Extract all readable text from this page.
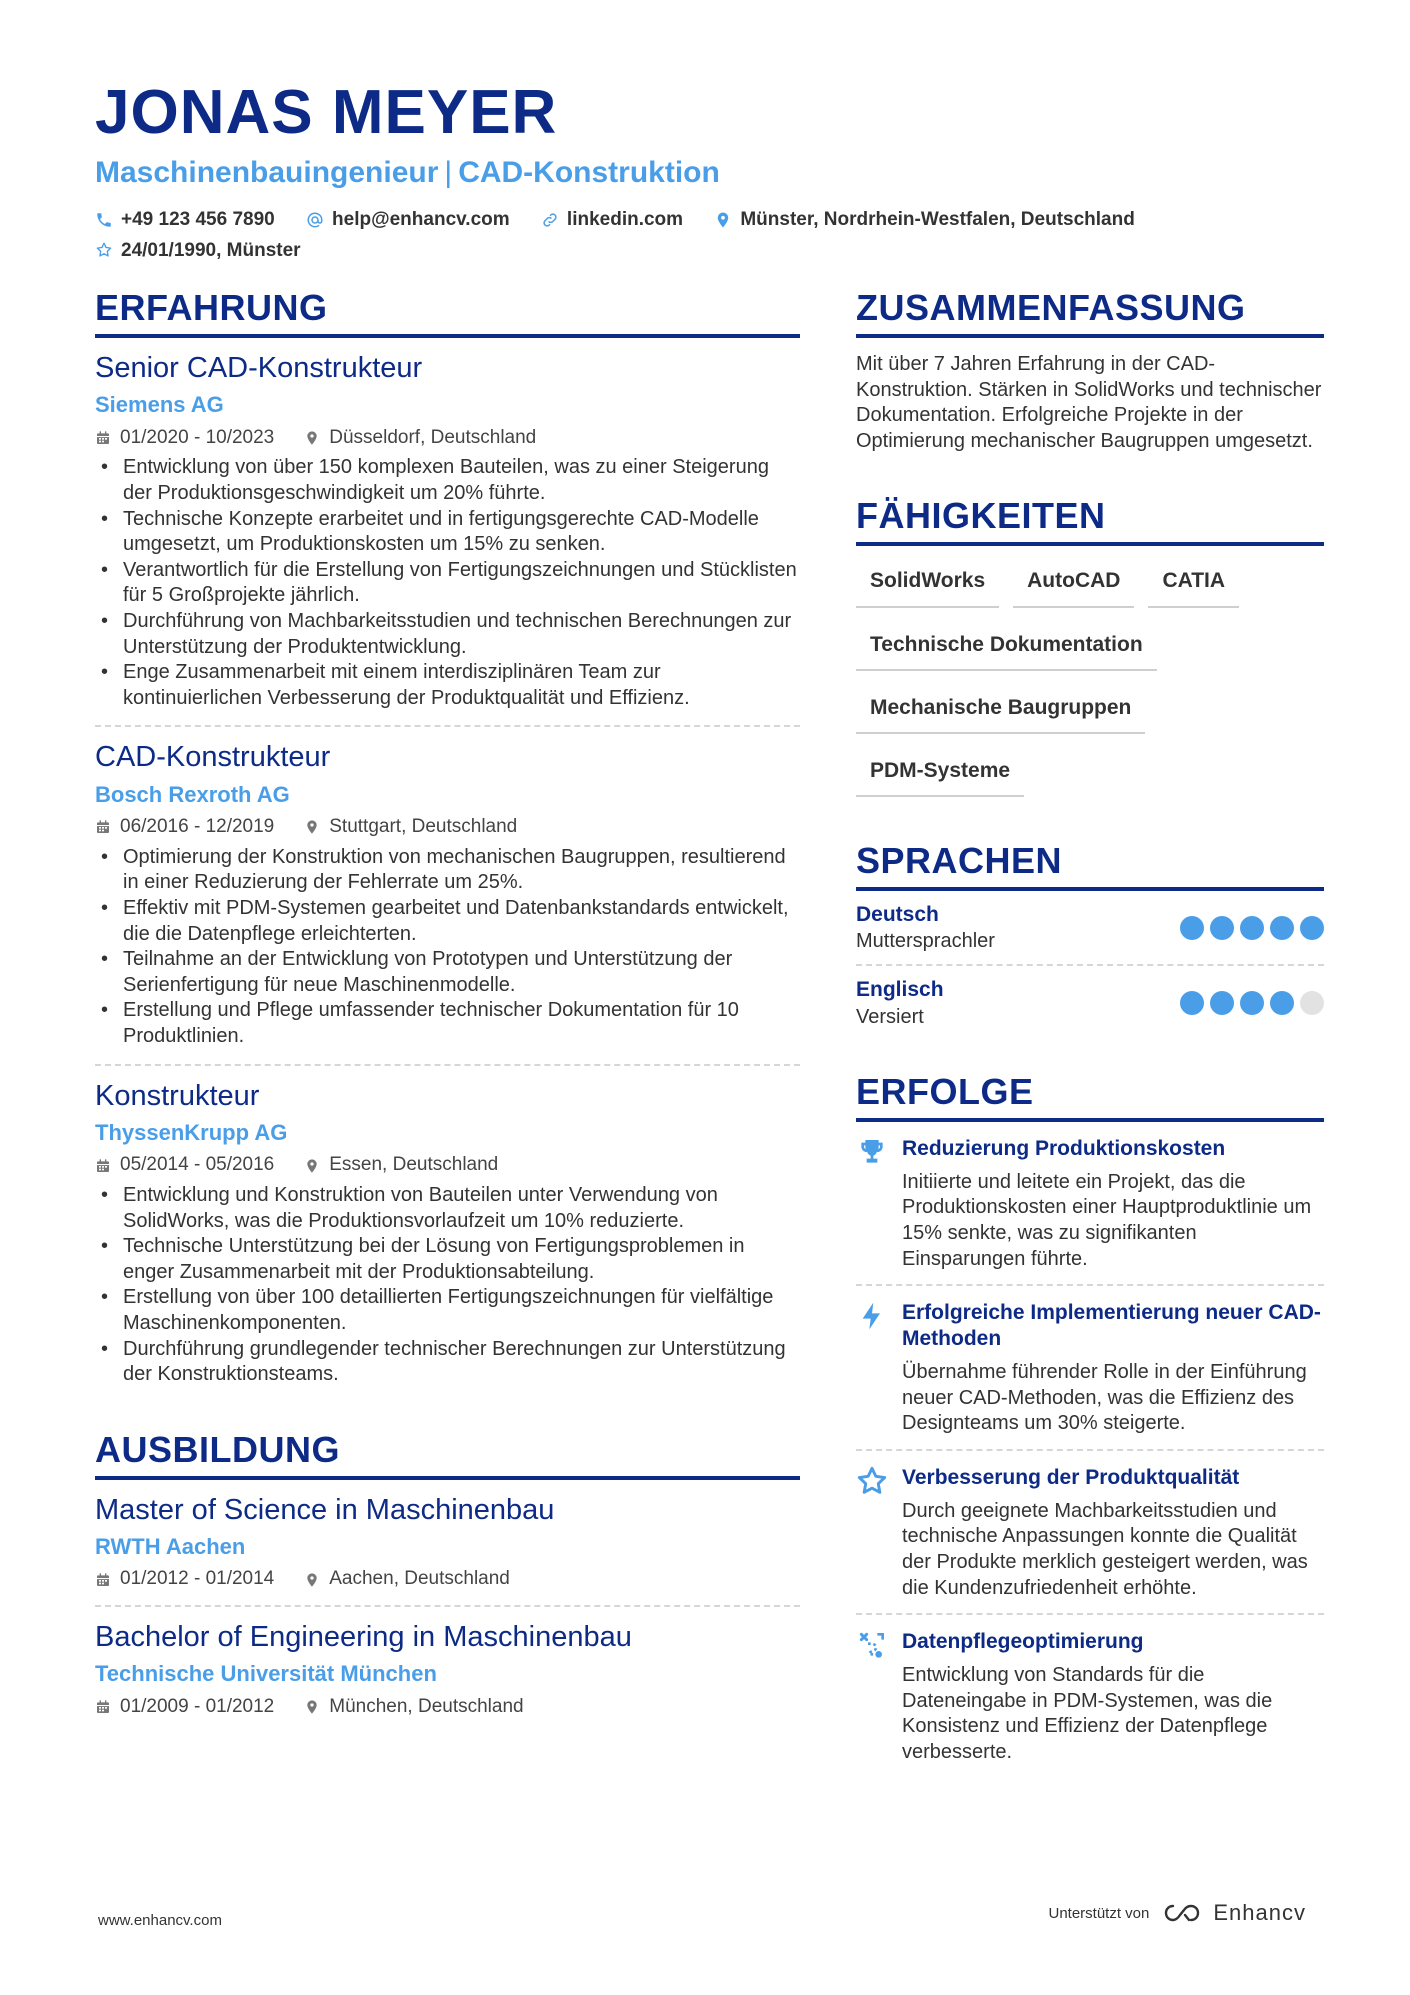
JONAS MEYER
Maschinenbauingenieur | CAD-Konstruktion
+49 123 456 7890
	help@enhancv.com
	linkedin.com
	Münster, Nordrhein-Westfalen, Deutschland

24/01/1990, Münster
ERFAHRUNG
Senior CAD-Konstrukteur
Siemens AG
01/2020 - 10/2023	Düsseldorf, Deutschland
• Entwicklung von über 150 komplexen Bauteilen, was zu einer Steigerung der Produktionsgeschwindigkeit um 20% führte.
• Technische Konzepte erarbeitet und in fertigungsgerechte CAD-Modelle umgesetzt, um Produktionskosten um 15% zu senken.
• Verantwortlich für die Erstellung von Fertigungszeichnungen und Stücklisten für 5 Großprojekte jährlich.
• Durchführung von Machbarkeitsstudien und technischen Berechnungen zur Unterstützung der Produktentwicklung.
• Enge Zusammenarbeit mit einem interdisziplinären Team zur kontinuierlichen Verbesserung der Produktqualität und Effizienz.
CAD-Konstrukteur
Bosch Rexroth AG
06/2016 - 12/2019	Stuttgart, Deutschland
• Optimierung der Konstruktion von mechanischen Baugruppen, resultierend in einer Reduzierung der Fehlerrate um 25%.
• Effektiv mit PDM-Systemen gearbeitet und Datenbankstandards entwickelt, die die Datenpflege erleichterten.
• Teilnahme an der Entwicklung von Prototypen und Unterstützung der Serienfertigung für neue Maschinenmodelle.
• Erstellung und Pflege umfassender technischer Dokumentation für 10 Produktlinien.
Konstrukteur
ThyssenKrupp AG
05/2014 - 05/2016	Essen, Deutschland
• Entwicklung und Konstruktion von Bauteilen unter Verwendung von SolidWorks, was die Produktionsvorlaufzeit um 10% reduzierte.
• Technische Unterstützung bei der Lösung von Fertigungsproblemen in enger Zusammenarbeit mit der Produktionsabteilung.
• Erstellung von über 100 detaillierten Fertigungszeichnungen für vielfältige Maschinenkomponenten.
• Durchführung grundlegender technischer Berechnungen zur Unterstützung der Konstruktionsteams.
AUSBILDUNG
Master of Science in Maschinenbau
RWTH Aachen
01/2012 - 01/2014	Aachen, Deutschland
Bachelor of Engineering in Maschinenbau
Technische Universität München
01/2009 - 01/2012	München, Deutschland
ZUSAMMENFASSUNG
Mit über 7 Jahren Erfahrung in der CAD-Konstruktion. Stärken in SolidWorks und technischer Dokumentation. Erfolgreiche Projekte in der Optimierung mechanischer Baugruppen umgesetzt.
FÄHIGKEITEN
SolidWorks	AutoCAD	CATIA
Technische Dokumentation
Mechanische Baugruppen
PDM-Systeme
SPRACHEN
Deutsch
Muttersprachler
Englisch
Versiert
ERFOLGE
Reduzierung Produktionskosten
Initiierte und leitete ein Projekt, das die Produktionskosten einer Hauptproduktlinie um 15% senkte, was zu signifikanten Einsparungen führte.
Erfolgreiche Implementierung neuer CAD-Methoden
Übernahme führender Rolle in der Einführung neuer CAD-Methoden, was die Effizienz des Designteams um 30% steigerte.
Verbesserung der Produktqualität
Durch geeignete Machbarkeitsstudien und technische Anpassungen konnte die Qualität der Produkte merklich gesteigert werden, was die Kundenzufriedenheit erhöhte.
Datenpflegeoptimierung
Entwicklung von Standards für die Dateneingabe in PDM-Systemen, was die Konsistenz und Effizienz der Datenpflege verbesserte.
www.enhancv.com	Unterstützt von	Enhancv
